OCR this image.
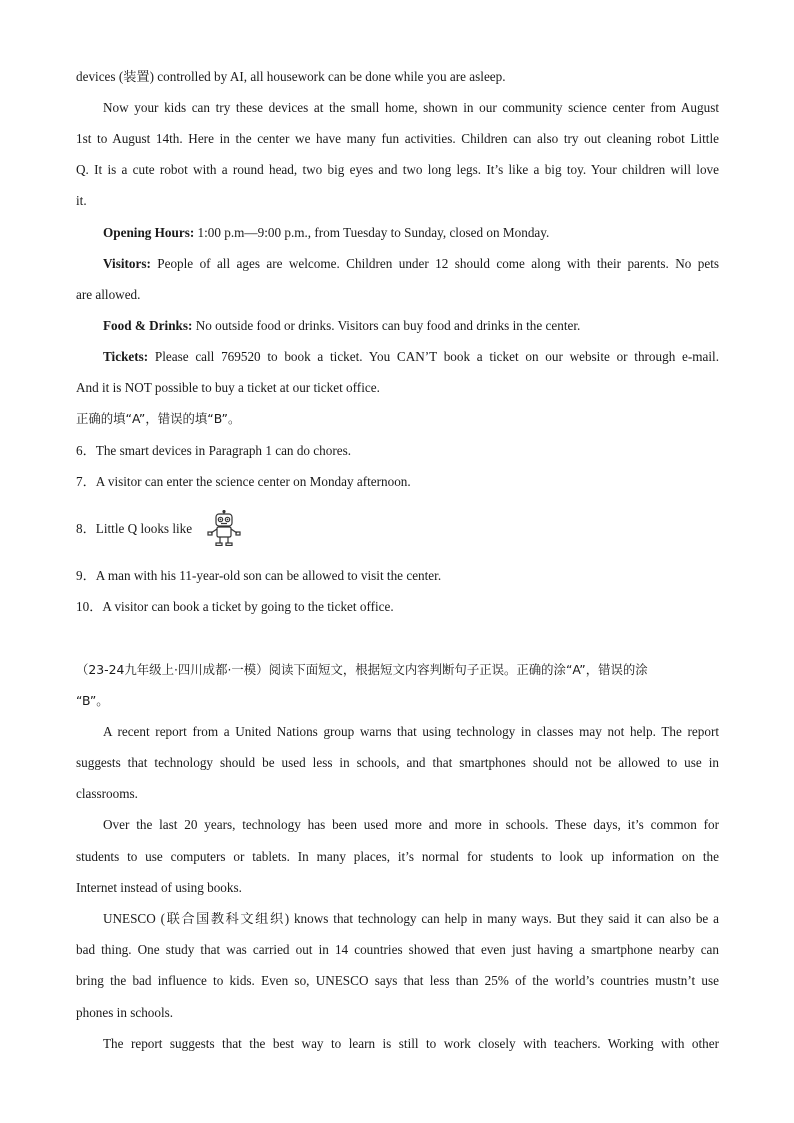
devices (装置) controlled by AI, all housework can be done while you are asleep.
Now your kids can try these devices at the small home, shown in our community science center from August
1st to August 14th. Here in the center we have many fun activities. Children can also try out cleaning robot Little
Q. It is a cute robot with a round head, two big eyes and two long legs. It’s like a big toy. Your children will love
it.
Opening Hours: 1:00 p.m—9:00 p.m., from Tuesday to Sunday, closed on Monday.
Visitors: People of all ages are welcome. Children under 12 should come along with their parents. No pets
are allowed.
Food & Drinks: No outside food or drinks. Visitors can buy food and drinks in the center.
Tickets: Please call 769520 to book a ticket. You CAN’T book a ticket on our website or through e-mail.
And it is NOT possible to buy a ticket at our ticket office.
正确的填“A”，错误的填“B”。
6．The smart devices in Paragraph 1 can do chores.
7．A visitor can enter the science center on Monday afternoon.
8．Little Q looks like
9．A man with his 11-year-old son can be allowed to visit the center.
10．A visitor can book a ticket by going to the ticket office.
（23-24九年级上·四川成都·一模）阅读下面短文，根据短文内容判断句子正误。正确的涂“A”，错误的涂
“B”。
A recent report from a United Nations group warns that using technology in classes may not help. The report
suggests that technology should be used less in schools, and that smartphones should not be allowed to use in
classrooms.
Over the last 20 years, technology has been used more and more in schools. These days, it’s common for
students to use computers or tablets. In many places, it’s normal for students to look up information on the
Internet instead of using books.
UNESCO (联合国教科文组织) knows that technology can help in many ways. But they said it can also be a
bad thing. One study that was carried out in 14 countries showed that even just having a smartphone nearby can
bring the bad influence to kids. Even so, UNESCO says that less than 25% of the world’s countries mustn’t use
phones in schools.
The report suggests that the best way to learn is still to work closely with teachers. Working with other
